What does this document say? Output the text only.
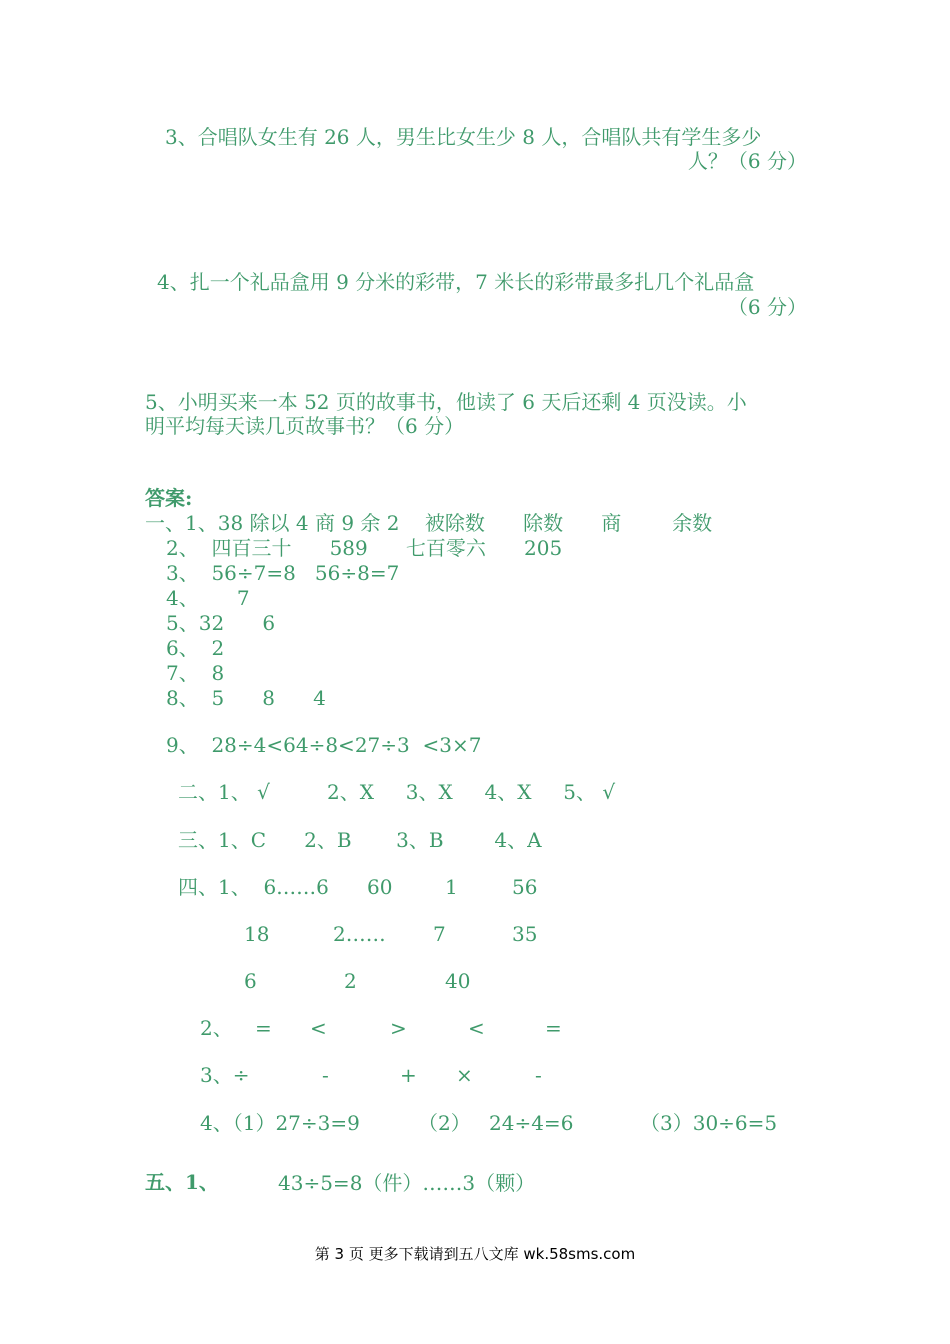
3、合唱队女生有 26 人，男生比女生少 8 人，合唱队共有学生多少
人？（6 分）
4、扎一个礼品盒用 9 分米的彩带，7 米长的彩带最多扎几个礼品盒
（6 分）
5、小明买来一本 52 页的故事书，他读了 6 天后还剩 4 页没读。小
明平均每天读几页故事书？（6 分）
答案:
一、1、38 除以 4 商 9 余 2    被除数      除数      商        余数
2、  四百三十      589      七百零六      205
3、  56÷7=8   56÷8=7
4、      7
5、32      6
6、  2
7、  8
8、  5      8      4
9、  28÷4<64÷8<27÷3  <3×7
二、1、 √         2、X     3、X     4、X     5、 √
三、1、C      2、B       3、B        4、A
四、1、  6……6 60	1	56
18	2…… 7	35
6	2	40
2、 = <	>	<	=
3、÷	-	+ ×	-
4、（1）27÷3=9	（2） 24÷4=6	（3）30÷6=5
五、1、	43÷5=8（件）……3（颗）
第 3 页 更多下载请到五八文库 wk.58sms.com
